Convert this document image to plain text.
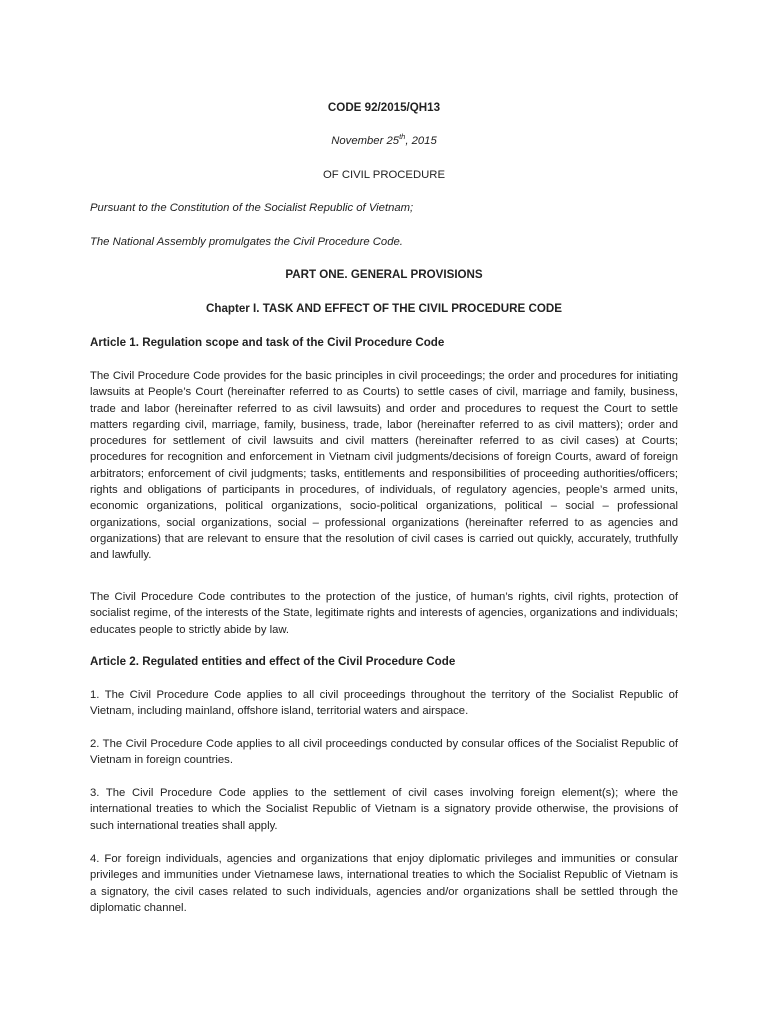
CODE 92/2015/QH13
November 25th, 2015
OF CIVIL PROCEDURE
Pursuant to the Constitution of the Socialist Republic of Vietnam;
The National Assembly promulgates the Civil Procedure Code.
PART ONE. GENERAL PROVISIONS
Chapter I. TASK AND EFFECT OF THE CIVIL PROCEDURE CODE
Article 1. Regulation scope and task of the Civil Procedure Code
The Civil Procedure Code provides for the basic principles in civil proceedings; the order and procedures for initiating lawsuits at People’s Court (hereinafter referred to as Courts) to settle cases of civil, marriage and family, business, trade and labor (hereinafter referred to as civil lawsuits) and order and procedures to request the Court to settle matters regarding civil, marriage, family, business, trade, labor (hereinafter referred to as civil matters); order and procedures for settlement of civil lawsuits and civil matters (hereinafter referred to as civil cases) at Courts; procedures for recognition and enforcement in Vietnam civil judgments/decisions of foreign Courts, award of foreign arbitrators; enforcement of civil judgments; tasks, entitlements and responsibilities of proceeding authorities/officers; rights and obligations of participants in procedures, of individuals, of regulatory agencies, people’s armed units, economic organizations, political organizations, socio-political organizations, political – social – professional organizations, social organizations, social – professional organizations (hereinafter referred to as agencies and organizations) that are relevant to ensure that the resolution of civil cases is carried out quickly, accurately, truthfully and lawfully.
The Civil Procedure Code contributes to the protection of the justice, of human’s rights, civil rights, protection of socialist regime, of the interests of the State, legitimate rights and interests of agencies, organizations and individuals; educates people to strictly abide by law.
Article 2. Regulated entities and effect of the Civil Procedure Code
1. The Civil Procedure Code applies to all civil proceedings throughout the territory of the Socialist Republic of Vietnam, including mainland, offshore island, territorial waters and airspace.
2. The Civil Procedure Code applies to all civil proceedings conducted by consular offices of the Socialist Republic of Vietnam in foreign countries.
3. The Civil Procedure Code applies to the settlement of civil cases involving foreign element(s); where the international treaties to which the Socialist Republic of Vietnam is a signatory provide otherwise, the provisions of such international treaties shall apply.
4. For foreign individuals, agencies and organizations that enjoy diplomatic privileges and immunities or consular privileges and immunities under Vietnamese laws, international treaties to which the Socialist Republic of Vietnam is a signatory, the civil cases related to such individuals, agencies and/or organizations shall be settled through the diplomatic channel.
